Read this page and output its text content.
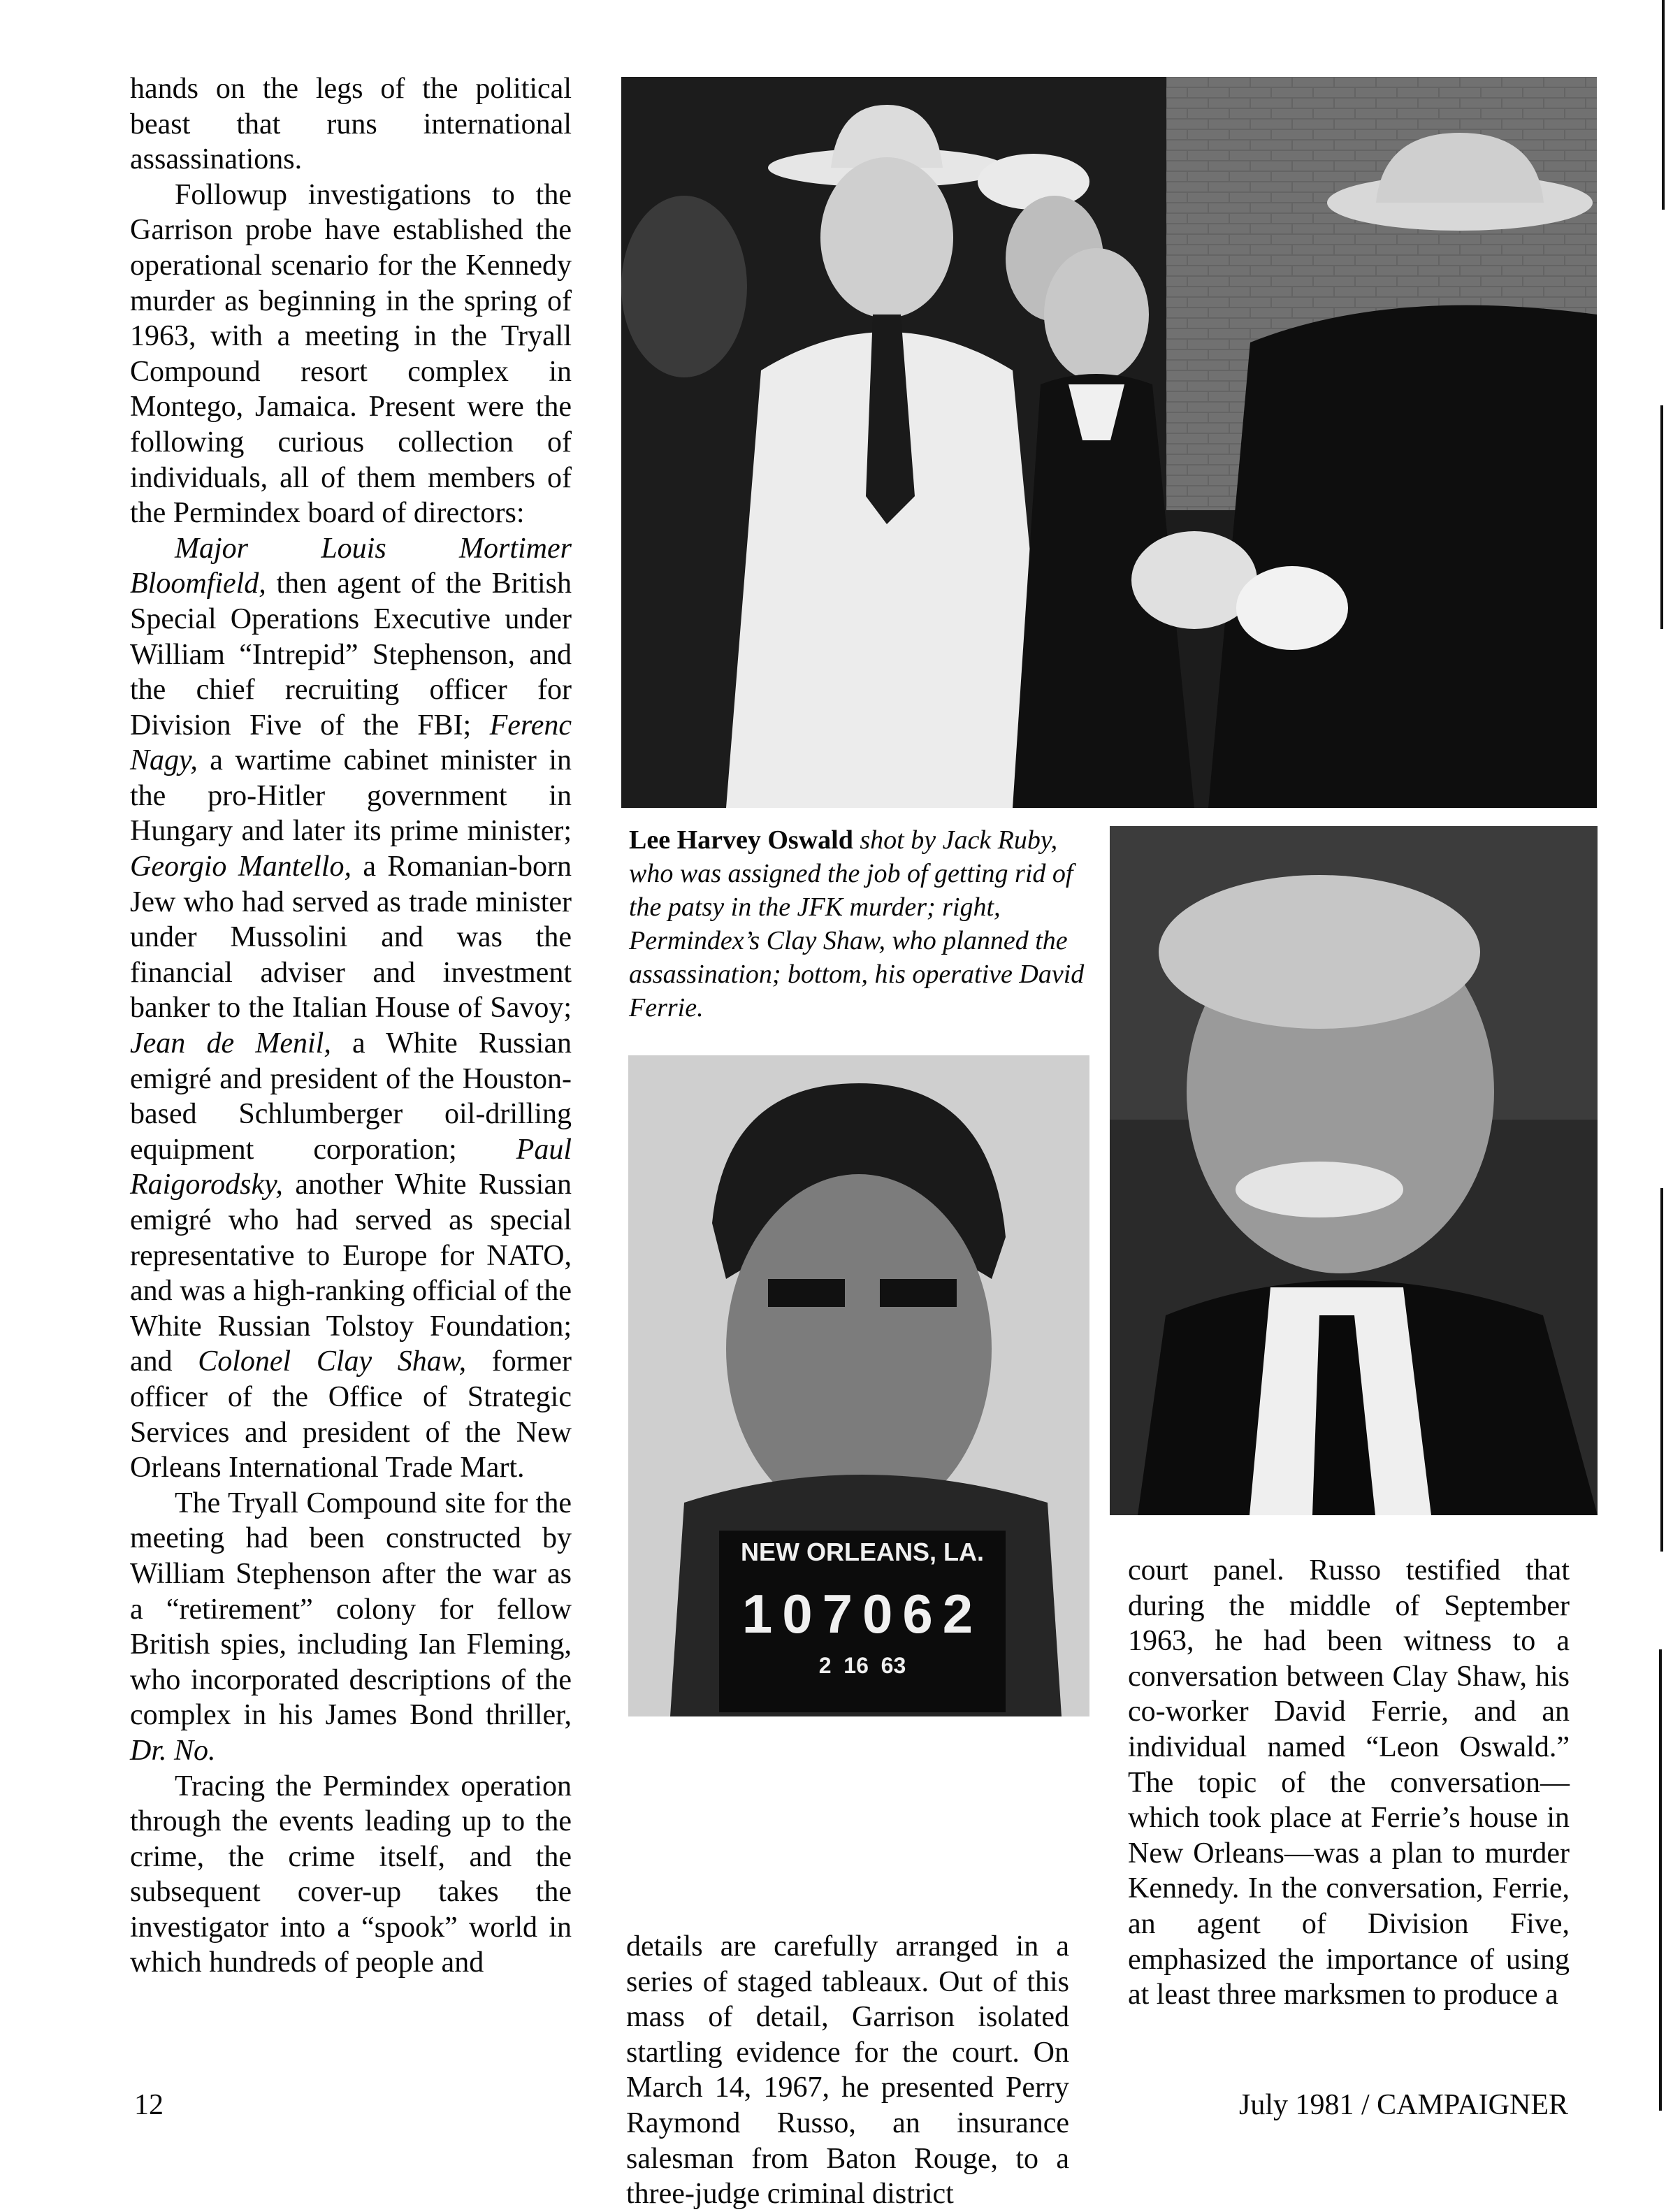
hands on the legs of the political beast that runs international assassinations.

Followup investigations to the Garrison probe have established the operational scenario for the Kennedy murder as beginning in the spring of 1963, with a meeting in the Tryall Compound resort complex in Montego, Jamaica. Present were the following curious collection of individuals, all of them members of the Permindex board of directors:

Major Louis Mortimer Bloomfield, then agent of the British Special Operations Executive under William “Intrepid” Stephenson, and the chief recruiting officer for Division Five of the FBI; Ferenc Nagy, a wartime cabinet minister in the pro-Hitler government in Hungary and later its prime minister; Georgio Mantello, a Romanian-born Jew who had served as trade minister under Mussolini and was the financial adviser and investment banker to the Italian House of Savoy; Jean de Menil, a White Russian emigré and president of the Houston-based Schlumberger oil-drilling equipment corporation; Paul Raigorodsky, another White Russian emigré who had served as special representative to Europe for NATO, and was a high-ranking official of the White Russian Tolstoy Foundation; and Colonel Clay Shaw, former officer of the Office of Strategic Services and president of the New Orleans International Trade Mart.

The Tryall Compound site for the meeting had been constructed by William Stephenson after the war as a “retirement” colony for fellow British spies, including Ian Fleming, who incorporated descriptions of the complex in his James Bond thriller, Dr. No.

Tracing the Permindex operation through the events leading up to the crime, the crime itself, and the subsequent cover-up takes the investigator into a “spook” world in which hundreds of people and

Lee Harvey Oswald shot by Jack Ruby, who was assigned the job of getting rid of the patsy in the JFK murder; right, Permindex’s Clay Shaw, who planned the assassination; bottom, his operative David Ferrie.
NEW ORLEANS, LA.
107062
2  16  63

details are carefully arranged in a series of staged tableaux. Out of this mass of detail, Garrison isolated startling evidence for the court. On March 14, 1967, he presented Perry Raymond Russo, an insurance salesman from Baton Rouge, to a three-judge criminal district

court panel. Russo testified that during the middle of September 1963, he had been witness to a conversation between Clay Shaw, his co-worker David Ferrie, and an individual named “Leon Oswald.” The topic of the conversation—which took place at Ferrie’s house in New Orleans—was a plan to murder Kennedy. In the conversation, Ferrie, an agent of Division Five, emphasized the importance of using at least three marksmen to produce a

12	July 1981 / CAMPAIGNER
